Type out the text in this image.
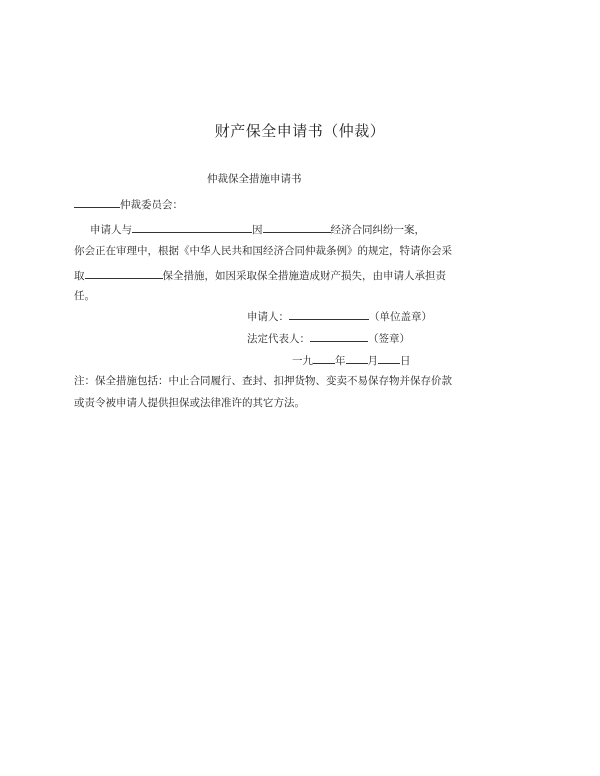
财产保全申请书（仲裁）
仲裁保全措施申请书
仲裁委员会：
申请人与	因	经济合同纠纷一案，
你会正在审理中，根据《中华人民共和国经济合同仲裁条例》的规定，特请你会采
取	保全措施，如因采取保全措施造成财产损失，由申请人承担责
任。
申请人：	（单位盖章）
法定代表人：	（签章）
一九 年 月 日
注：保全措施包括：中止合同履行、查封、扣押货物、变卖不易保存物并保存价款
或责令被申请人提供担保或法律准许的其它方法。
